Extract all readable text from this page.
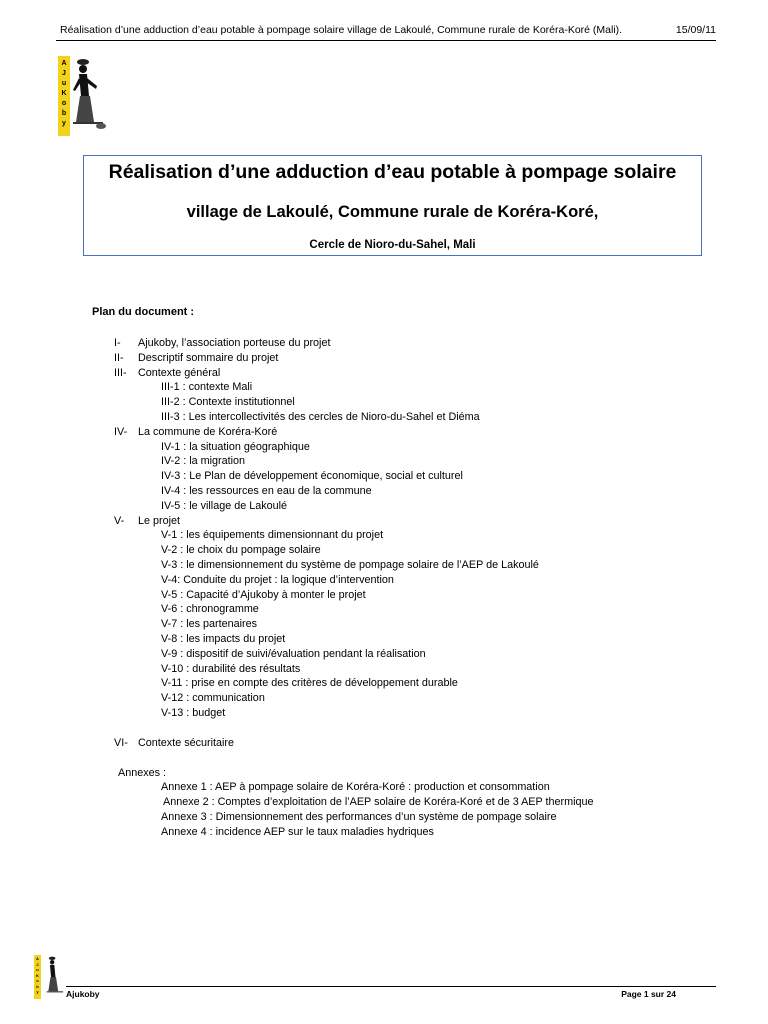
Réalisation d’une adduction d’eau potable à pompage solaire village de Lakoulé, Commune rurale de Koréra-Koré (Mali).	15/09/11
A
J
u
K
o
b
y
Réalisation d’une adduction d’eau potable à pompage solaire
village de Lakoulé, Commune rurale de Koréra-Koré,
Cercle de Nioro-du-Sahel, Mali
Plan du document :
I- Ajukoby, l’association porteuse du projet
II- Descriptif sommaire du projet
III- Contexte général
III-1 : contexte Mali
III-2 : Contexte institutionnel
III-3 : Les intercollectivités des cercles de Nioro-du-Sahel et Diéma
IV- La commune de Koréra-Koré
IV-1 : la situation géographique
IV-2 : la migration
IV-3 : Le Plan de développement économique, social et culturel
IV-4 : les ressources en eau de la commune
IV-5 : le village de Lakoulé
V- Le projet
V-1 : les équipements dimensionnant du projet
V-2 : le choix du pompage solaire
V-3 : le dimensionnement du système de pompage solaire de l’AEP de Lakoulé
V-4: Conduite du projet : la logique d’intervention
V-5 : Capacité d’Ajukoby à monter le projet
V-6 : chronogramme
V-7 : les partenaires
V-8 : les impacts du projet
V-9 : dispositif de suivi/évaluation pendant la réalisation
V-10 : durabilité des résultats
V-11 : prise en compte des critères de développement durable
V-12 : communication
V-13 : budget
VI- Contexte sécuritaire
Annexes :
Annexe 1 : AEP à pompage solaire de Koréra-Koré : production et consommation
Annexe 2 : Comptes d’exploitation de l’AEP solaire de Koréra-Koré et de 3 AEP thermique
Annexe 3 : Dimensionnement des performances d’un système de pompage solaire
Annexe 4 : incidence AEP sur le taux maladies hydriques
A
J
u
K
o
b
y	Ajukoby	Page 1 sur 24
